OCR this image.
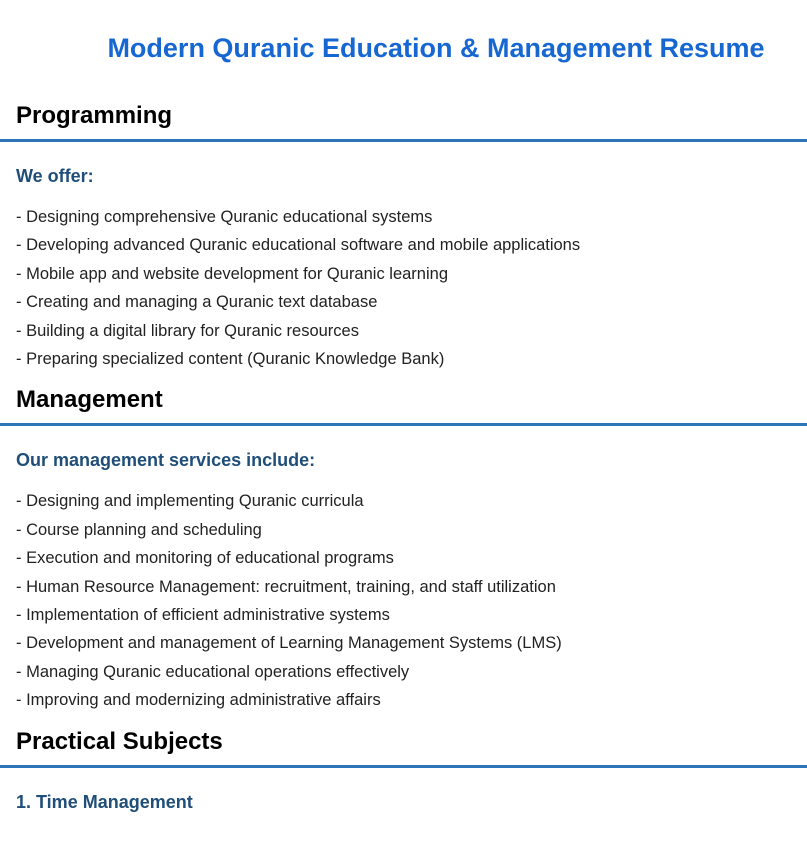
Modern Quranic Education & Management Resume
Programming
We offer:
- Designing comprehensive Quranic educational systems
- Developing advanced Quranic educational software and mobile applications
- Mobile app and website development for Quranic learning
- Creating and managing a Quranic text database
- Building a digital library for Quranic resources
- Preparing specialized content (Quranic Knowledge Bank)
Management
Our management services include:
- Designing and implementing Quranic curricula
- Course planning and scheduling
- Execution and monitoring of educational programs
- Human Resource Management: recruitment, training, and staff utilization
- Implementation of efficient administrative systems
- Development and management of Learning Management Systems (LMS)
- Managing Quranic educational operations effectively
- Improving and modernizing administrative affairs
Practical Subjects
1. Time Management
